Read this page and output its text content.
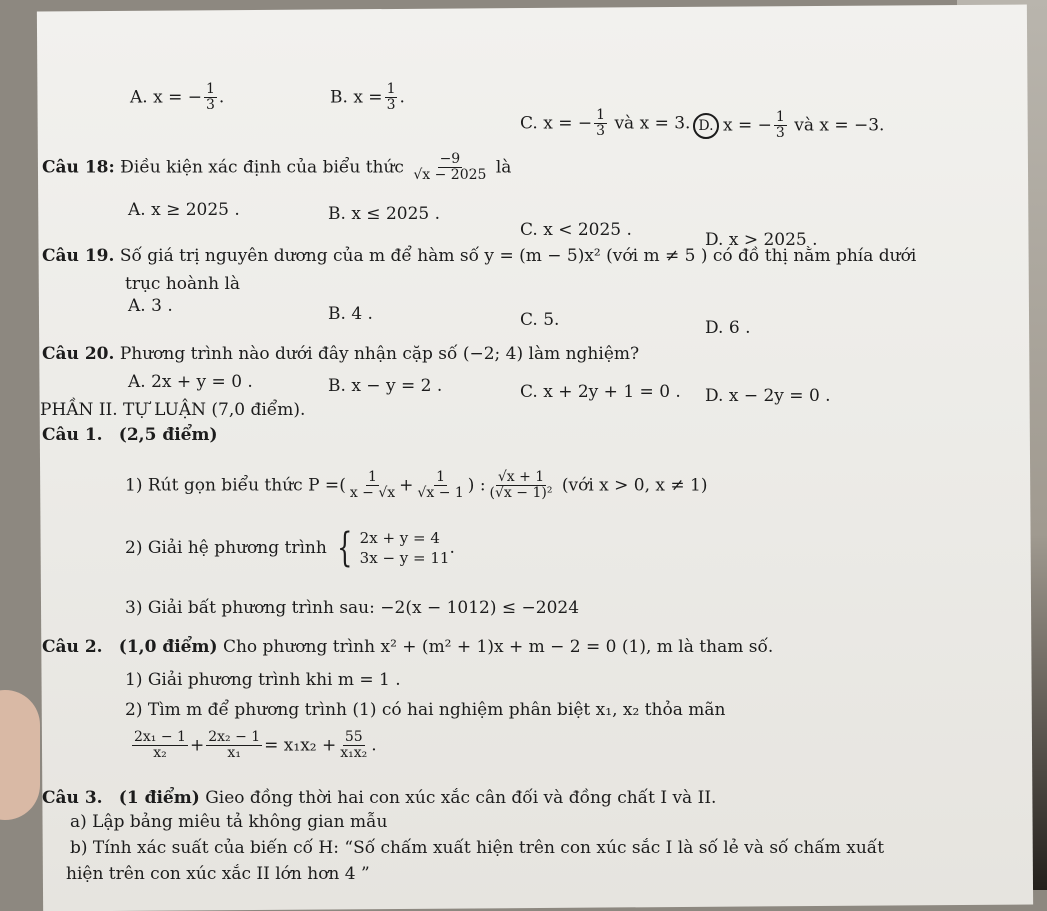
A. x = − $\frac{1}{3}$ .	B. $x = \frac{1}{3}$ .
C. x = − $\frac{1}{3}$ và x = 3. D. x = − $\frac{1}{3}$ và x = −3.
Câu 18: Điều kiện xác định của biểu thức $\frac{-9}{√x - 2025}$ là
A. x ≥ 2025 .	B. x ≤ 2025 .
C. x < 2025 .	D. x > 2025 .
Câu 19. Số giá trị nguyên dương của m để hàm số y = (m − 5)x² (với m ≠ 5 ) có đồ thị nằm phía dưới
trục hoành là
A. 3 .	B. 4 .	C. 5.	D. 6 .
Câu 20. Phương trình nào dưới đây nhận cặp số (−2; 4) làm nghiệm?
A. 2x + y = 0 .	B. x − y = 2 .	C. x + 2y + 1 = 0 . D. x − 2y = 0 .
PHẦN II. TỰ LUẬN (7,0 điểm).
Câu 1. (2,5 điểm)
1) Rút gọn biểu thức P =( $\frac{1}{x - √x} + \frac{1}{√x - 1}$ ) : $\frac{√x + 1}{\text{(√x − 1)²}}$ (với x > 0, x ≠ 1)
2) Giải hệ phương trình { 2x + y = 4
3x − y = 11
.
3) Giải bất phương trình sau: −2(x − 1012) ≤ −2024
Câu 2. (1,0 điểm) Cho phương trình x² + (m² + 1)x + m − 2 = 0 (1), m là tham số.
1) Giải phương trình khi m = 1 .
2) Tìm m để phương trình (1) có hai nghiệm phân biệt x₁, x₂ thỏa mãn
$\frac{\text{2x₁ − 1}}{\text{x₂}} + \frac{\text{2x₂ − 1}}{\text{x₁}} = x_1x_2 + \frac{55}{\text{x₁x₂}}$ .
Câu 3. (1 điểm) Gieo đồng thời hai con xúc xắc cân đối và đồng chất I và II.
a) Lập bảng miêu tả không gian mẫu
b) Tính xác suất của biến cố H: “Số chấm xuất hiện trên con xúc sắc I là số lẻ và số chấm xuất
hiện trên con xúc xắc II lớn hơn 4 ”
